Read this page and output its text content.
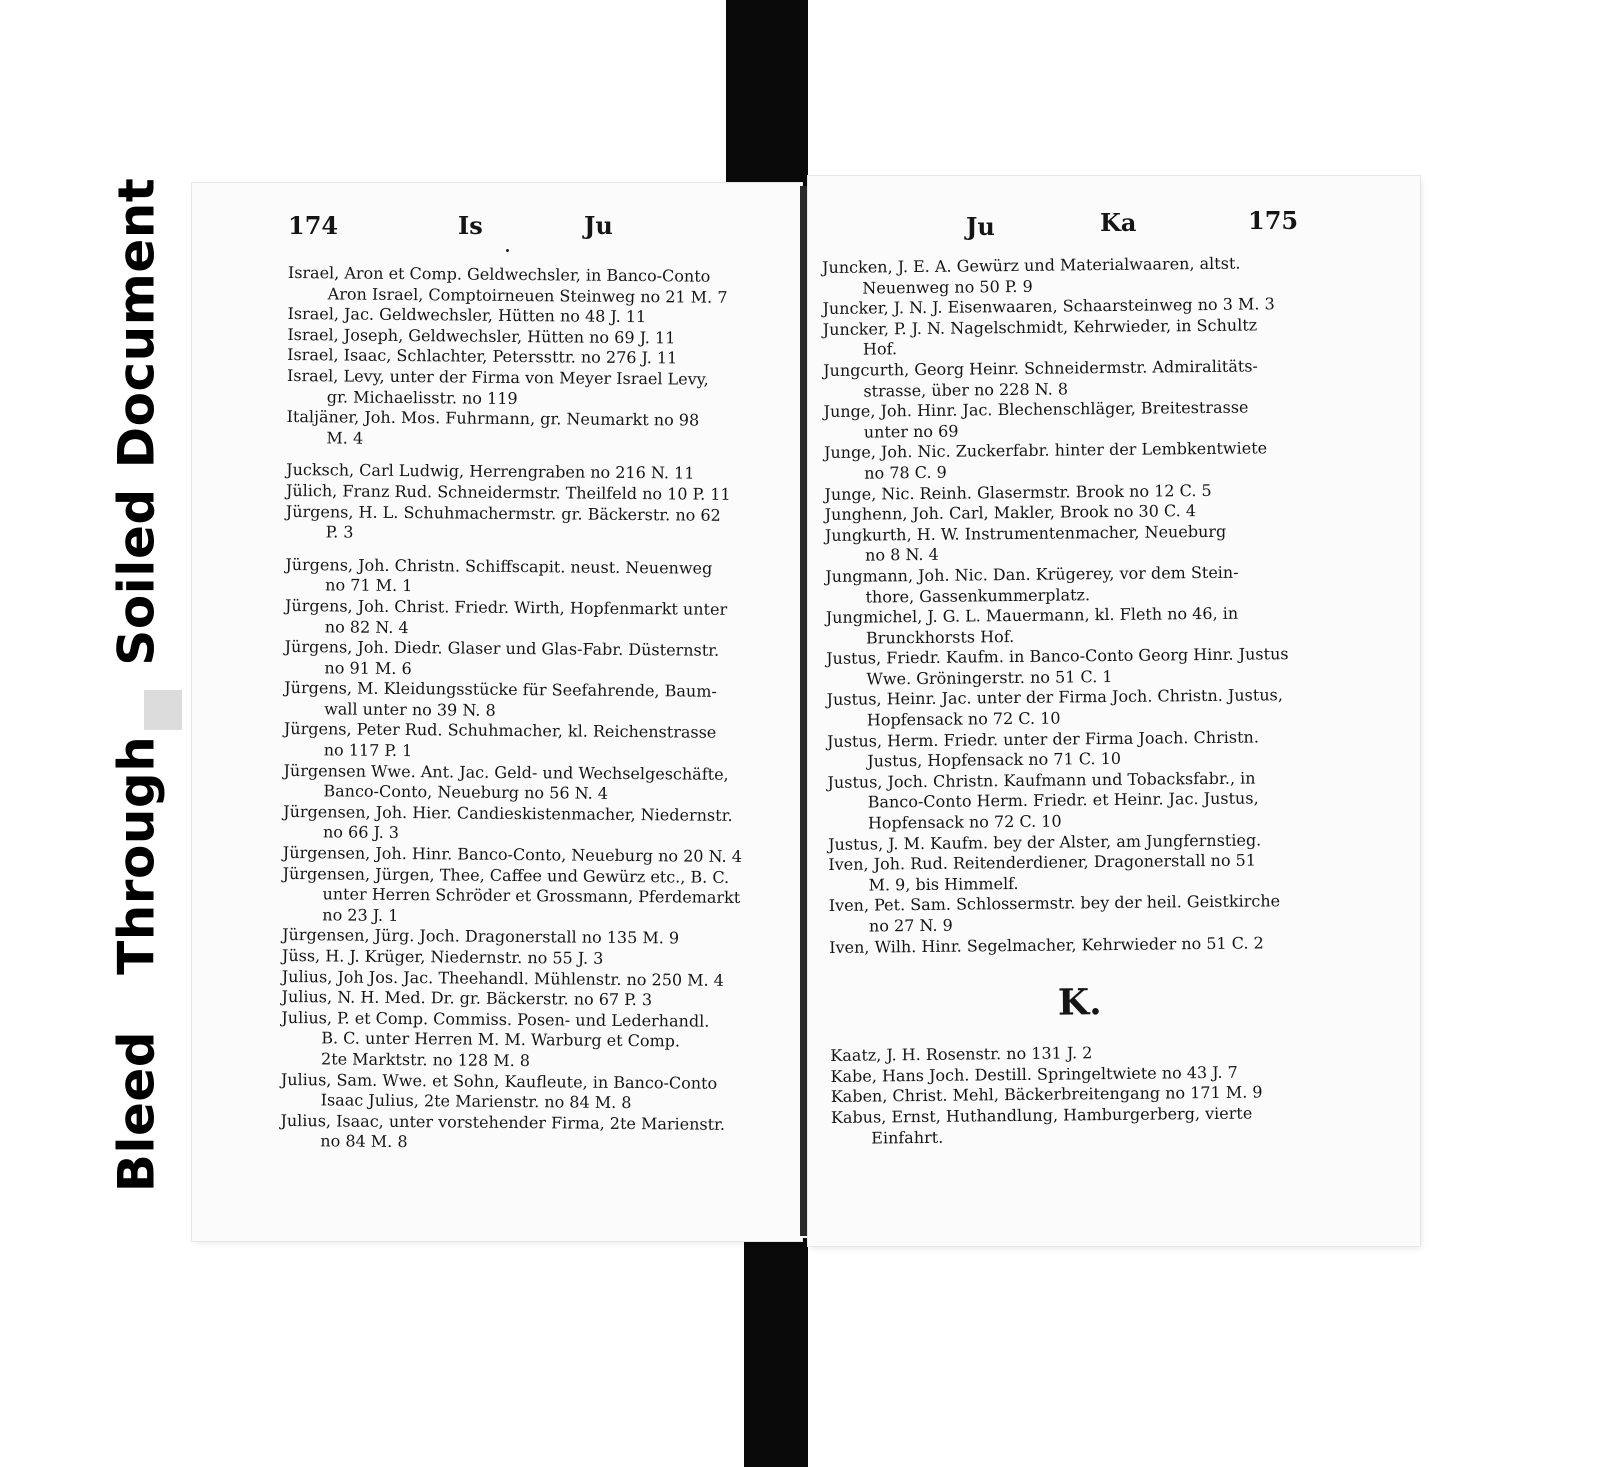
BleedThroughSoiledDocument	174	Is	Ju

Israel, Aron et Comp. Geldwechsler, in Banco-Conto

Aron Israel, Comptoirneuen Steinweg no 21 M. 7

Israel, Jac. Geldwechsler, Hütten no 48 J. 11

Israel, Joseph, Geldwechsler, Hütten no 69 J. 11

Israel, Isaac, Schlachter, Peterssttr. no 276 J. 11

Israel, Levy, unter der Firma von Meyer Israel Levy,

gr. Michaelisstr. no 119

Italjäner, Joh. Mos. Fuhrmann, gr. Neumarkt no 98

M. 4

Jucksch, Carl Ludwig, Herrengraben no 216 N. 11

Jülich, Franz Rud. Schneidermstr. Theilfeld no 10 P. 11

Jürgens, H. L. Schuhmachermstr. gr. Bäckerstr. no 62

P. 3

Jürgens, Joh. Christn. Schiffscapit. neust. Neuenweg

no 71 M. 1

Jürgens, Joh. Christ. Friedr. Wirth, Hopfenmarkt unter

no 82 N. 4

Jürgens, Joh. Diedr. Glaser und Glas-Fabr. Düsternstr.

no 91 M. 6

Jürgens, M. Kleidungsstücke für Seefahrende, Baum-

wall unter no 39 N. 8

Jürgens, Peter Rud. Schuhmacher, kl. Reichenstrasse

no 117 P. 1

Jürgensen Wwe. Ant. Jac. Geld- und Wechselgeschäfte,

Banco-Conto, Neueburg no 56 N. 4

Jürgensen, Joh. Hier. Candieskistenmacher, Niedernstr.

no 66 J. 3

Jürgensen, Joh. Hinr. Banco-Conto, Neueburg no 20 N. 4

Jürgensen, Jürgen, Thee, Caffee und Gewürz etc., B. C.

unter Herren Schröder et Grossmann, Pferdemarkt

no 23 J. 1

Jürgensen, Jürg. Joch. Dragonerstall no 135 M. 9

Jüss, H. J. Krüger, Niedernstr. no 55 J. 3

Julius, Joh Jos. Jac. Theehandl. Mühlenstr. no 250 M. 4

Julius, N. H. Med. Dr. gr. Bäckerstr. no 67 P. 3

Julius, P. et Comp. Commiss. Posen- und Lederhandl.

B. C. unter Herren M. M. Warburg et Comp.

2te Marktstr. no 128 M. 8

Julius, Sam. Wwe. et Sohn, Kaufleute, in Banco-Conto

Isaac Julius, 2te Marienstr. no 84 M. 8

Julius, Isaac, unter vorstehender Firma, 2te Marienstr.

no 84 M. 8

Ju	Ka	175

Juncken, J. E. A. Gewürz und Materialwaaren, altst.

Neuenweg no 50 P. 9

Juncker, J. N. J. Eisenwaaren, Schaarsteinweg no 3 M. 3

Juncker, P. J. N. Nagelschmidt, Kehrwieder, in Schultz

Hof.

Jungcurth, Georg Heinr. Schneidermstr. Admiralitäts-

strasse, über no 228 N. 8

Junge, Joh. Hinr. Jac. Blechenschläger, Breitestrasse

unter no 69

Junge, Joh. Nic. Zuckerfabr. hinter der Lembkentwiete

no 78 C. 9

Junge, Nic. Reinh. Glasermstr. Brook no 12 C. 5

Junghenn, Joh. Carl, Makler, Brook no 30 C. 4

Jungkurth, H. W. Instrumentenmacher, Neueburg

no 8 N. 4

Jungmann, Joh. Nic. Dan. Krügerey, vor dem Stein-

thore, Gassenkummerplatz.

Jungmichel, J. G. L. Mauermann, kl. Fleth no 46, in

Brunckhorsts Hof.

Justus, Friedr. Kaufm. in Banco-Conto Georg Hinr. Justus

Wwe. Gröningerstr. no 51 C. 1

Justus, Heinr. Jac. unter der Firma Joch. Christn. Justus,

Hopfensack no 72 C. 10

Justus, Herm. Friedr. unter der Firma Joach. Christn.

Justus, Hopfensack no 71 C. 10

Justus, Joch. Christn. Kaufmann und Tobacksfabr., in

Banco-Conto Herm. Friedr. et Heinr. Jac. Justus,

Hopfensack no 72 C. 10

Justus, J. M. Kaufm. bey der Alster, am Jungfernstieg.

Iven, Joh. Rud. Reitenderdiener, Dragonerstall no 51

M. 9, bis Himmelf.

Iven, Pet. Sam. Schlossermstr. bey der heil. Geistkirche

no 27 N. 9

Iven, Wilh. Hinr. Segelmacher, Kehrwieder no 51 C. 2

K.

Kaatz, J. H. Rosenstr. no 131 J. 2

Kabe, Hans Joch. Destill. Springeltwiete no 43 J. 7

Kaben, Christ. Mehl, Bäckerbreitengang no 171 M. 9

Kabus, Ernst, Huthandlung, Hamburgerberg, vierte

Einfahrt.
